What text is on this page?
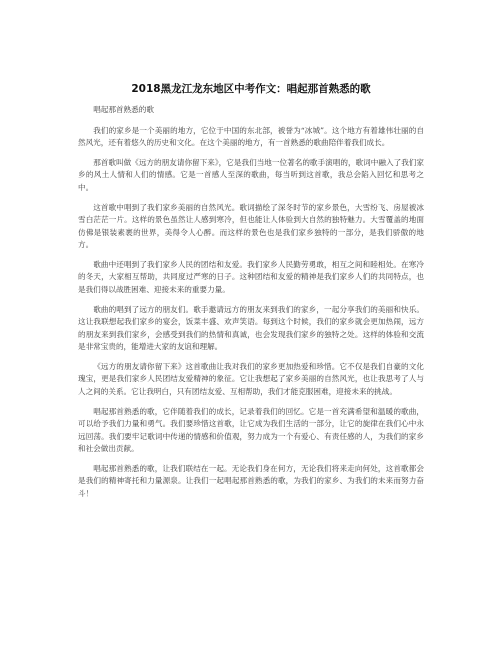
2018黑龙江龙东地区中考作文：唱起那首熟悉的歌

唱起那首熟悉的歌

我们的家乡是一个美丽的地方，它位于中国的东北部，被誉为“冰城”。这个地方有着雄伟壮丽的自然风光，还有着悠久的历史和文化。在这个美丽的地方，有一首熟悉的歌曲陪伴着我们成长。

那首歌叫做《远方的朋友请你留下来》，它是我们当地一位著名的歌手演唱的，歌词中融入了我们家乡的风土人情和人们的情感。它是一首感人至深的歌曲，每当听到这首歌，我总会陷入回忆和思考之中。

这首歌中唱到了我们家乡美丽的自然风光。歌词描绘了深冬时节的家乡景色，大雪纷飞、房屋被冰雪白茫茫一片。这样的景色虽然让人感到寒冷，但也能让人体验到大自然的独特魅力。大雪覆盖的地面仿佛是银装素裹的世界，美得令人心醉。而这样的景色也是我们家乡独特的一部分，是我们骄傲的地方。

歌曲中还唱到了我们家乡人民的团结和友爱。我们家乡人民勤劳勇敢，相互之间和睦相处。在寒冷的冬天，大家相互帮助，共同度过严寒的日子。这种团结和友爱的精神是我们家乡人们的共同特点，也是我们得以战胜困难、迎接未来的重要力量。

歌曲的唱到了远方的朋友们。歌手邀请远方的朋友来到我们的家乡，一起分享我们的美丽和快乐。这让我联想起我们家乡的宴会，饭菜丰盛、欢声笑语。每到这个时候，我们的家乡就会更加热闹，远方的朋友来到我们家乡，会感受到我们的热情和真诚，也会发现我们家乡的独特之处。这样的体验和交流是非常宝贵的，能增进大家的友谊和理解。

《远方的朋友请你留下来》这首歌曲让我对我们的家乡更加热爱和珍惜。它不仅是我们自豪的文化瑰宝，更是我们家乡人民团结友爱精神的象征。它让我想起了家乡美丽的自然风光，也让我思考了人与人之间的关系。它让我明白，只有团结友爱、互相帮助，我们才能克服困难，迎接未来的挑战。

唱起那首熟悉的歌，它伴随着我们的成长，记录着我们的回忆。它是一首充满希望和温暖的歌曲，可以给予我们力量和勇气。我们要珍惜这首歌，让它成为我们生活的一部分，让它的旋律在我们心中永远回荡。我们要牢记歌词中传递的情感和价值观，努力成为一个有爱心、有责任感的人，为我们的家乡和社会做出贡献。

唱起那首熟悉的歌，让我们联结在一起。无论我们身在何方，无论我们将来走向何处，这首歌都会是我们的精神寄托和力量源泉。让我们一起唱起那首熟悉的歌，为我们的家乡、为我们的未来而努力奋斗！
